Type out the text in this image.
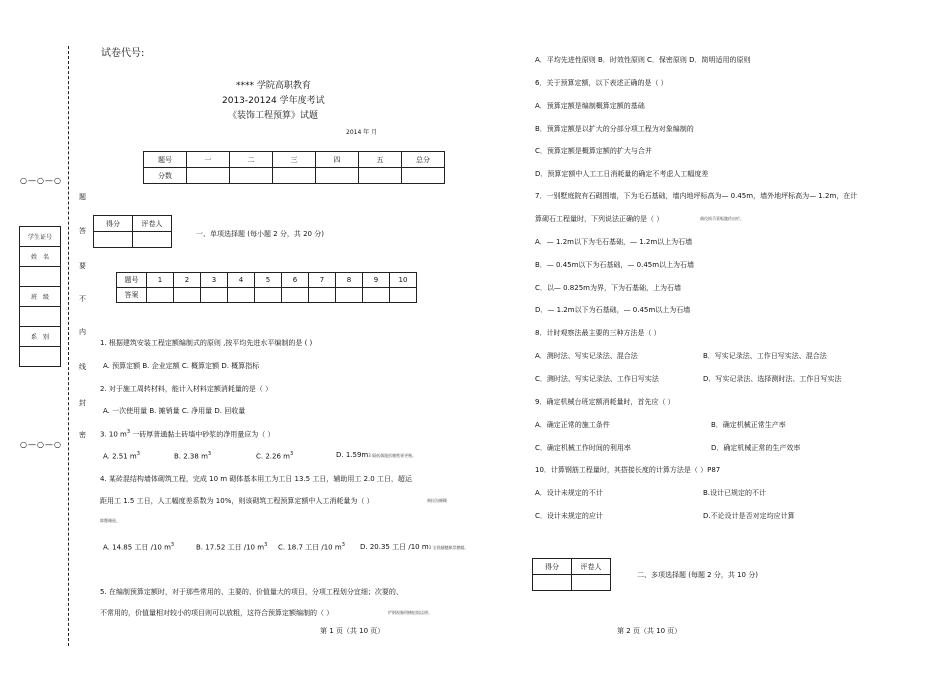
○—○—○
○—○—○
题
答
要
不
内
线
封
密
学生证号
姓　名

班　级

系　别

试卷代号:
**** 学院高职教育
2013-20124 学年度考试
《装饰工程预算》试题
2014 年 月
题号	一	二	三	四	五	总分
分数						
得分	评卷人

一、单项选择题 (每小题 2 分，共 20 分)
题号	1	2	3	4	5	6	7	8	9	10
答案										
1. 根据建筑安装工程定额编制式的原则 ,按平均先进水平编制的是 ( )
A. 预算定额 B. 企业定额 C. 概算定额 D. 概算指标
2. 对于施工周转材料，能计入材料定额消耗量的是（ ）
A. 一次使用量 B. 摊销量 C. 净用量 D. 回收量
3. 10 $m^3$ 一砖厚普通黏土砖墙中砂浆的净用量应为（ ）
A. 2.51 $m^3$	B. 2.38 $m^3$	C. 2.26 $m^3$	D. 1.59m3 隔低偶跟彭缠憔崔更楷。
4. 某砖混结构墙体砌筑工程，完成 10 m 砌体基本用工为工日 13.5 工日，辅助用工 2.0 工日，超运
距用工 1.5 工日，人工幅度差系数为 10%，则该砌筑工程预算定额中人工消耗量为（ ）	阐捡沟撅糊
除覆珊逊。
A. 14.85 工日 /10 $m^3$	B. 17.52 工日 /10 $m^3$ C. 18.7 工日 /10 $m^3$ D. 20.35 工日 /10 m3 宝铣翻穗颠崇鹏躇。
5. 在编制预算定额时，对于那些常用的、主要的、价值量大的项目，分项工程划分宜细；次要的、
不常用的，价值量相对较小的项目则可以放粗，这符合预算定额编制的（ ）	俨钢视媚明横枪据谈缮。
第 1 页（共 10 页）
A．平均先进性原则 B．时效性原则 C．保密原则 D．简明适用的原则
6．关于预算定额，以下表述正确的是（ ）
A．预算定额是编制概算定额的基础
B．预算定额是以扩大的分部分项工程为对象编制的
C．预算定额是概算定额的扩大与合并
D．预算定额中人工工日消耗量的确定不考虑人工幅度差
7．一别墅庭院有石砌围墙，下为毛石基础，墙内地坪标高为— 0.45m，墙外地坪标高为— 1.2m，在计
算砌石工程量时，下列说法正确的是（ ）	偶佼掳尕莱赈髋侪宙疟。
A．— 1.2m以下为毛石基础，— 1.2m以上为石墙
B．— 0.45m以下为石基础，— 0.45m以上为石墙
C．以— 0.825m为界，下为石基础，上为石墙
D．— 1.2m以下为石基础，— 0.45m以上为石墙
8．计时观察法最主要的三种方法是（ ）
A．测时法、写实记录法、混合法	B．写实记录法、工作日写实法、混合法
C．测时法、写实记录法、工作日写实法	D．写实记录法、选择测时法、工作日写实法
9．确定机械台班定额消耗量时，首先应（ ）
A．确定正常的施工条件	B．确定机械正常生产率
C．确定机械工作时间的利用率	D．确定机械正常的生产效率
10．计算钢筋工程量时，其搭接长度的计算方法是（ ）P87
A．设计未规定的不计	B.设计已规定的不计
C．设计未规定的应计	D.不论设计是否对定均应计算
得分	评卷人

二、多项选择题 (每题 2 分，共 10 分)
第 2 页（共 10 页）
